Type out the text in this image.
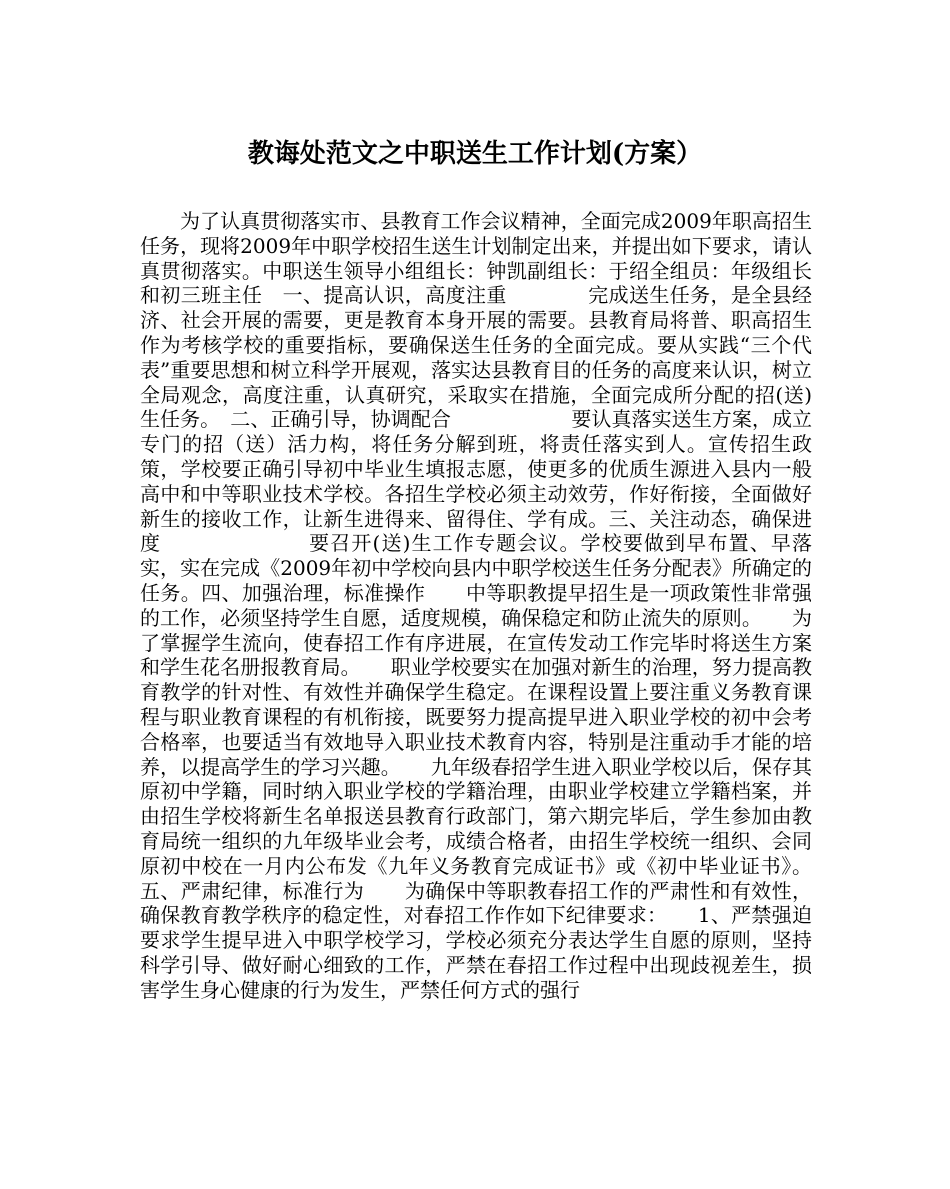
教诲处范文之中职送生工作计划(方案）

为了认真贯彻落实市、县教育工作会议精神，全面完成2009年职高招生任务，现将2009年中职学校招生送生计划制定出来，并提出如下要求，请认真贯彻落实。中职送生领导小组组长：钟凯副组长：于绍全组员：年级组长和初三班主任　一、提高认识，高度注重　　　　完成送生任务，是全县经济、社会开展的需要，更是教育本身开展的需要。县教育局将普、职高招生作为考核学校的重要指标，要确保送生任务的全面完成。要从实践“三个代表”重要思想和树立科学开展观，落实达县教育目的任务的高度来认识，树立全局观念，高度注重，认真研究，采取实在措施，全面完成所分配的招(送)生任务。　二、正确引导，协调配合　　　　　　要认真落实送生方案，成立专门的招（送）活力构，将任务分解到班，将责任落实到人。宣传招生政策，学校要正确引导初中毕业生填报志愿，使更多的优质生源进入县内一般高中和中等职业技术学校。各招生学校必须主动效劳，作好衔接，全面做好新生的接收工作，让新生进得来、留得住、学有成。三、关注动态，确保进度　　　　　　　要召开(送)生工作专题会议。学校要做到早布置、早落实，实在完成《2009年初中学校向县内中职学校送生任务分配表》所确定的任务。四、加强治理，标准操作　　中等职教提早招生是一项政策性非常强的工作，必须坚持学生自愿，适度规模，确保稳定和防止流失的原则。　　为了掌握学生流向，使春招工作有序进展，在宣传发动工作完毕时将送生方案和学生花名册报教育局。　　职业学校要实在加强对新生的治理，努力提高教育教学的针对性、有效性并确保学生稳定。在课程设置上要注重义务教育课程与职业教育课程的有机衔接，既要努力提高提早进入职业学校的初中会考合格率，也要适当有效地导入职业技术教育内容，特别是注重动手才能的培养，以提高学生的学习兴趣。　　九年级春招学生进入职业学校以后，保存其原初中学籍，同时纳入职业学校的学籍治理，由职业学校建立学籍档案，并由招生学校将新生名单报送县教育行政部门，第六期完毕后，学生参加由教育局统一组织的九年级毕业会考，成绩合格者，由招生学校统一组织、会同原初中校在一月内公布发《九年义务教育完成证书》或《初中毕业证书》。五、严肃纪律，标准行为　　为确保中等职教春招工作的严肃性和有效性，确保教育教学秩序的稳定性，对春招工作作如下纪律要求：　　1、严禁强迫要求学生提早进入中职学校学习，学校必须充分表达学生自愿的原则，坚持科学引导、做好耐心细致的工作，严禁在春招工作过程中出现歧视差生，损害学生身心健康的行为发生，严禁任何方式的强行
